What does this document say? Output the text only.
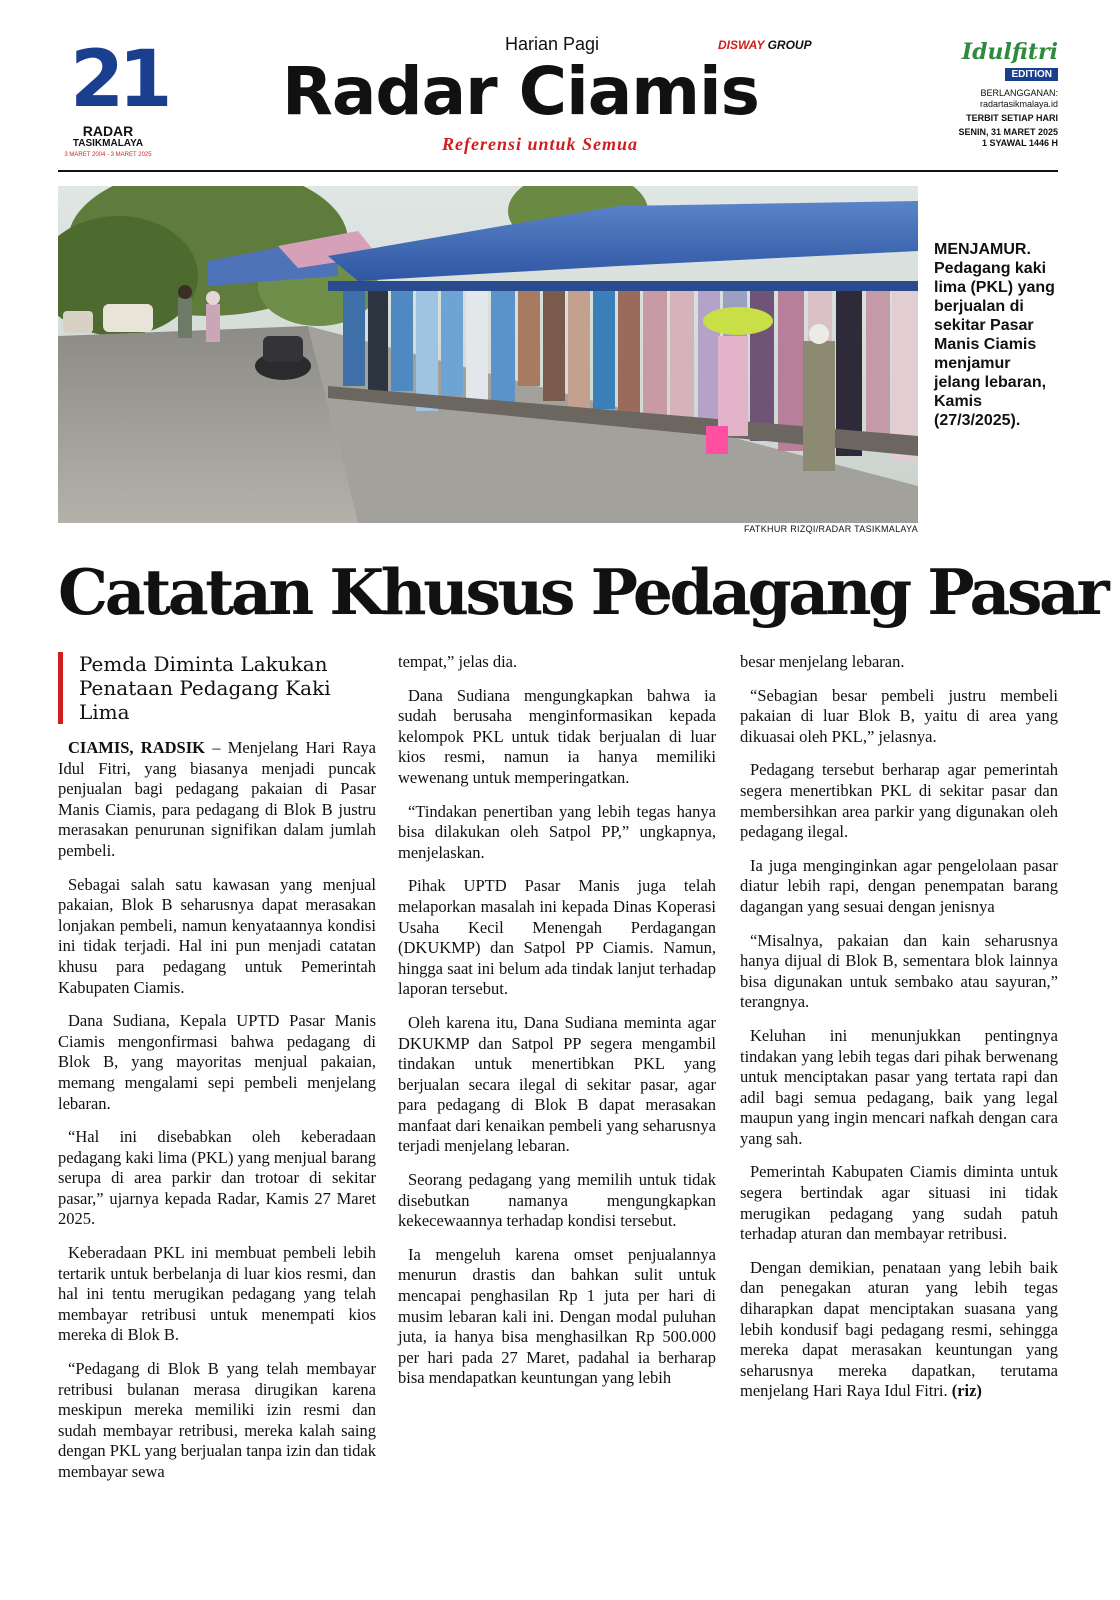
21
RADAR
TASIKMALAYA
3 MARET 2004 - 3 MARET 2025
Harian Pagi	DISWAY GROUP
Radar Ciamis
Referensi untuk Semua
Idulfitri
EDITION
BERLANGGANAN:
radartasikmalaya.id
TERBIT SETIAP HARI
SENIN, 31 MARET 2025
1 SYAWAL 1446 H
FATKHUR RIZQI/RADAR TASIKMALAYA
MENJAMUR. Pedagang kaki lima (PKL) yang berjualan di sekitar Pasar Manis Ciamis menjamur jelang lebaran, Kamis (27/3/2025).
Catatan Khusus Pedagang Pasar
Pemda Diminta Lakukan
Penataan Pedagang Kaki Lima

CIAMIS, RADSIK – Menjelang Hari Raya Idul Fitri, yang biasanya menjadi puncak penjualan bagi pedagang pakaian di Pasar Manis Ciamis, para pedagang di Blok B justru merasakan penurunan signifikan dalam jumlah pembeli.

Sebagai salah satu kawasan yang menjual pakaian, Blok B seharusnya dapat merasakan lonjakan pembeli, namun kenyataannya kondisi ini tidak terjadi. Hal ini pun menjadi catatan khusu para pedagang untuk Pemerintah Kabupaten Ciamis.

Dana Sudiana, Kepala UPTD Pasar Manis Ciamis mengonfirmasi bahwa pedagang di Blok B, yang mayoritas menjual pakaian, memang mengalami sepi pembeli menjelang lebaran.

“Hal ini disebabkan oleh keberadaan pedagang kaki lima (PKL) yang menjual barang serupa di area parkir dan trotoar di sekitar pasar,” ujarnya kepada Radar, Kamis 27 Maret 2025.

Keberadaan PKL ini membuat pembeli lebih tertarik untuk berbelanja di luar kios resmi, dan hal ini tentu merugikan pedagang yang telah membayar retribusi untuk menempati kios mereka di Blok B.

“Pedagang di Blok B yang telah membayar retribusi bulanan merasa dirugikan karena meskipun mereka memiliki izin resmi dan sudah membayar retribusi, mereka kalah saing dengan PKL yang berjualan tanpa izin dan tidak membayar sewa

tempat,” jelas dia.

Dana Sudiana mengungkapkan bahwa ia sudah berusaha menginformasikan kepada kelompok PKL untuk tidak berjualan di luar kios resmi, namun ia hanya memiliki wewenang untuk memperingatkan.

“Tindakan penertiban yang lebih tegas hanya bisa dilakukan oleh Satpol PP,” ungkapnya, menjelaskan.

Pihak UPTD Pasar Manis juga telah melaporkan masalah ini kepada Dinas Koperasi Usaha Kecil Menengah Perdagangan (DKUKMP) dan Satpol PP Ciamis. Namun, hingga saat ini belum ada tindak lanjut terhadap laporan tersebut.

Oleh karena itu, Dana Sudiana meminta agar DKUKMP dan Satpol PP segera mengambil tindakan untuk menertibkan PKL yang berjualan secara ilegal di sekitar pasar, agar para pedagang di Blok B dapat merasakan manfaat dari kenaikan pembeli yang seharusnya terjadi menjelang lebaran.

Seorang pedagang yang memilih untuk tidak disebutkan namanya mengungkapkan kekecewaannya terhadap kondisi tersebut.

Ia mengeluh karena omset penjualannya menurun drastis dan bahkan sulit untuk mencapai penghasilan Rp 1 juta per hari di musim lebaran kali ini. Dengan modal puluhan juta, ia hanya bisa menghasilkan Rp 500.000 per hari pada 27 Maret, padahal ia berharap bisa mendapatkan keuntungan yang lebih

besar menjelang lebaran.

“Sebagian besar pembeli justru membeli pakaian di luar Blok B, yaitu di area yang dikuasai oleh PKL,” jelasnya.

Pedagang tersebut berharap agar pemerintah segera menertibkan PKL di sekitar pasar dan membersihkan area parkir yang digunakan oleh pedagang ilegal.

Ia juga menginginkan agar pengelolaan pasar diatur lebih rapi, dengan penempatan barang dagangan yang sesuai dengan jenisnya

“Misalnya, pakaian dan kain seharusnya hanya dijual di Blok B, sementara blok lainnya bisa digunakan untuk sembako atau sayuran,” terangnya.

Keluhan ini menunjukkan pentingnya tindakan yang lebih tegas dari pihak berwenang untuk menciptakan pasar yang tertata rapi dan adil bagi semua pedagang, baik yang legal maupun yang ingin mencari nafkah dengan cara yang sah.

Pemerintah Kabupaten Ciamis diminta untuk segera bertindak agar situasi ini tidak merugikan pedagang yang sudah patuh terhadap aturan dan membayar retribusi.

Dengan demikian, penataan yang lebih baik dan penegakan aturan yang lebih tegas diharapkan dapat menciptakan suasana yang lebih kondusif bagi pedagang resmi, sehingga mereka dapat merasakan keuntungan yang seharusnya mereka dapatkan, terutama menjelang Hari Raya Idul Fitri. (riz)
